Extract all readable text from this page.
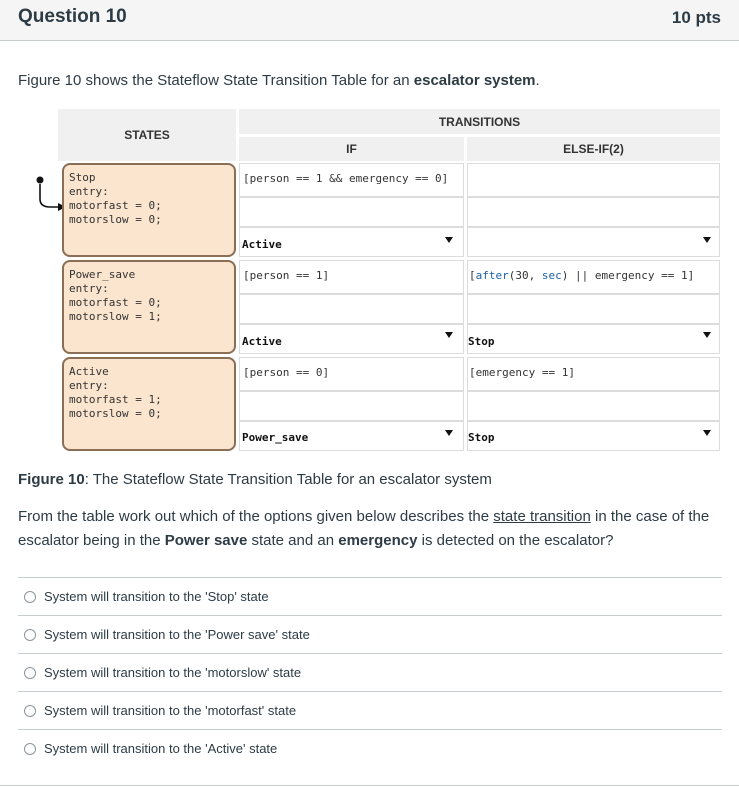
Question 10	10 pts
Figure 10 shows the Stateflow State Transition Table for an escalator system.
STATES
TRANSITIONS
IF	ELSE-IF(2)
Stop
entry:
motorfast = 0;
motorslow = 0;
[person == 1 && emergency == 0]
Active
Power_save
entry:
motorfast = 0;
motorslow = 1;
[person == 1]
Active
[after(30, sec) || emergency == 1]
Stop
Active
entry:
motorfast = 1;
motorslow = 0;
[person == 0]
Power_save
[emergency == 1]
Stop
Figure 10: The Stateflow State Transition Table for an escalator system
From the table work out which of the options given below describes the state transition in the case of the escalator being in the Power save state and an emergency is detected on the escalator?
System will transition to the 'Stop' state
System will transition to the 'Power save' state
System will transition to the 'motorslow' state
System will transition to the 'motorfast' state
System will transition to the 'Active' state
